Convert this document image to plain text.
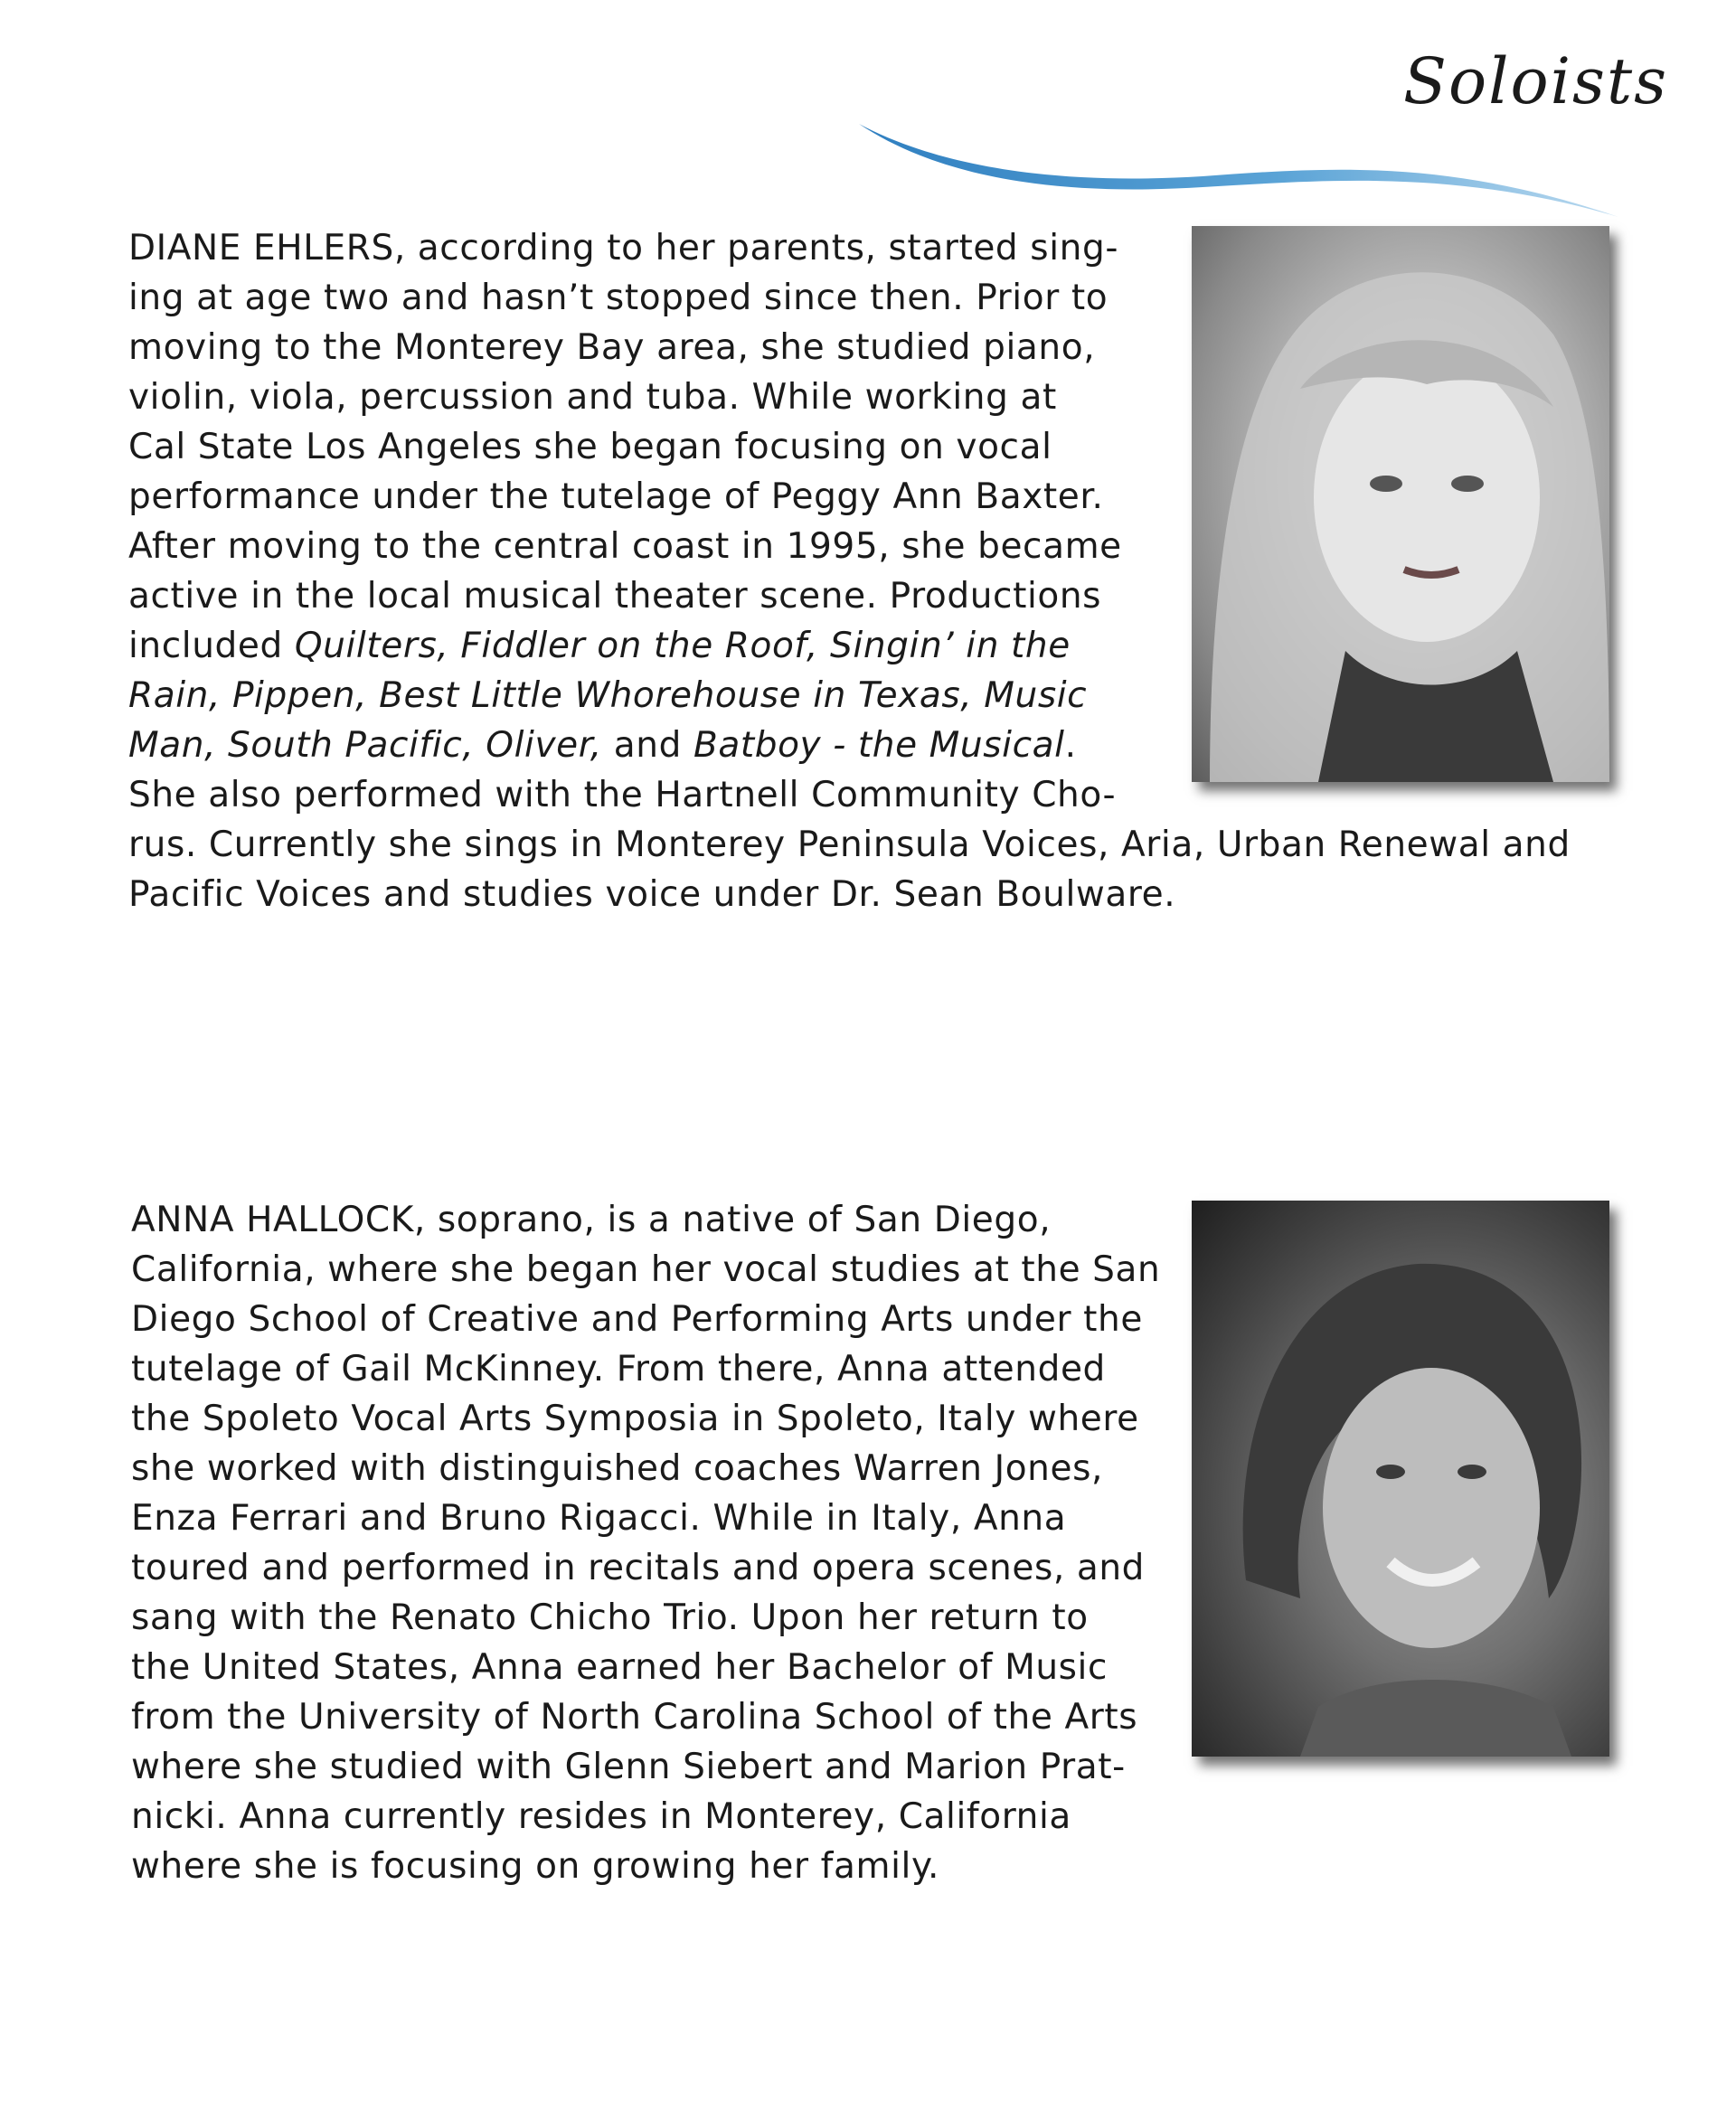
Soloists
DIANE EHLERS, according to her parents, started sing-
ing at age two and hasn’t stopped since then. Prior to
moving to the Monterey Bay area, she studied piano,
violin, viola, percussion and tuba. While working at
Cal State Los Angeles she began focusing on vocal
performance under the tutelage of Peggy Ann Baxter.
After moving to the central coast in 1995, she became
active in the local musical theater scene. Productions
included Quilters, Fiddler on the Roof, Singin’ in the
Rain, Pippen, Best Little Whorehouse in Texas, Music
Man, South Pacific, Oliver, and Batboy - the Musical.
She also performed with the Hartnell Community Cho-
rus. Currently she sings in Monterey Peninsula Voices, Aria, Urban Renewal and
Pacific Voices and studies voice under Dr. Sean Boulware.
ANNA HALLOCK, soprano, is a native of San Diego,
California, where she began her vocal studies at the San
Diego School of Creative and Performing Arts under the
tutelage of Gail McKinney. From there, Anna attended
the Spoleto Vocal Arts Symposia in Spoleto, Italy where
she worked with distinguished coaches Warren Jones,
Enza Ferrari and Bruno Rigacci. While in Italy, Anna
toured and performed in recitals and opera scenes, and
sang with the Renato Chicho Trio. Upon her return to
the United States, Anna earned her Bachelor of Music
from the University of North Carolina School of the Arts
where she studied with Glenn Siebert and Marion Prat-
nicki. Anna currently resides in Monterey, California
where she is focusing on growing her family.
